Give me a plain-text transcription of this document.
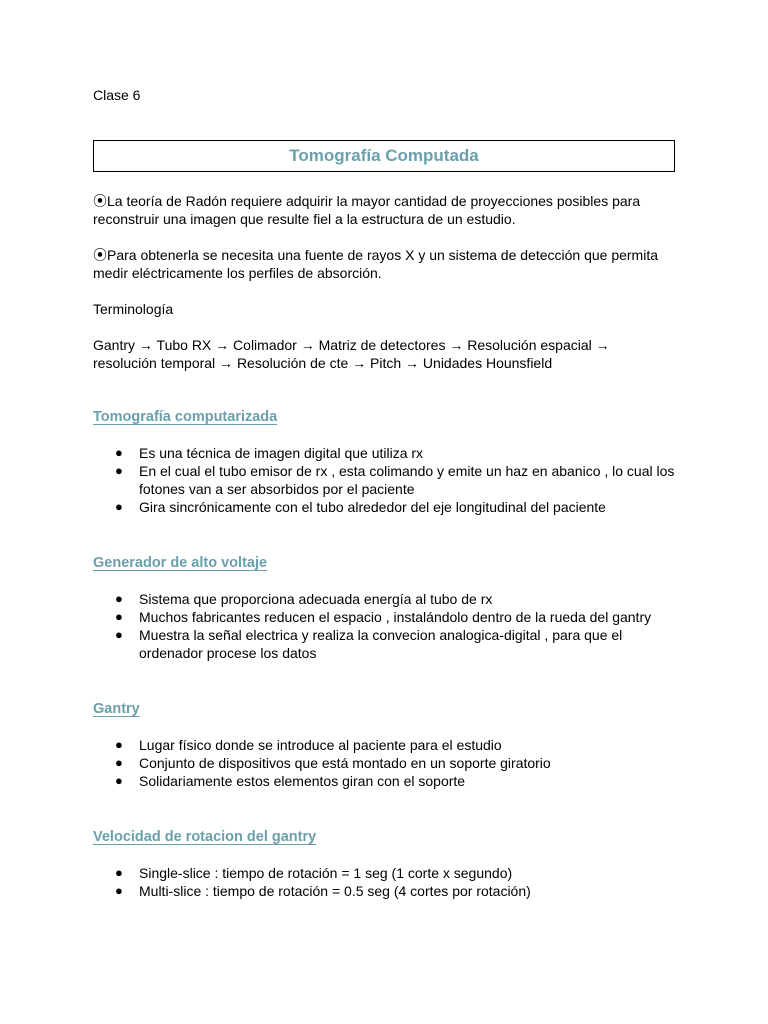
Clase 6

Tomografía Computada

⦿La teoría de Radón requiere adquirir la mayor cantidad de proyecciones posibles para reconstruir una imagen que resulte fiel a la estructura de un estudio.

⦿Para obtenerla se necesita una fuente de rayos X y un sistema de detección que permita medir eléctricamente los perfiles de absorción.

Terminología

Gantry → Tubo RX → Colimador → Matriz de detectores → Resolución espacial → resolución temporal → Resolución de cte → Pitch → Unidades Hounsfield

Tomografía computarizada
● Es una técnica de imagen digital que utiliza rx
● En el cual el tubo emisor de rx , esta colimando y emite un haz en abanico , lo cual los fotones van a ser absorbidos por el paciente
● Gira sincrónicamente con el tubo alrededor del eje longitudinal del paciente
Generador de alto voltaje
● Sistema que proporciona adecuada energía al tubo de rx
● Muchos fabricantes reducen el espacio , instalándolo dentro de la rueda del gantry
● Muestra la señal electrica y realiza la convecion analogica-digital , para que el ordenador procese los datos
Gantry
● Lugar físico donde se introduce al paciente para el estudio
● Conjunto de dispositivos que está montado en un soporte giratorio
● Solidariamente estos elementos giran con el soporte
Velocidad de rotacion del gantry
● Single-slice : tiempo de rotación = 1 seg (1 corte x segundo)
● Multi-slice : tiempo de rotación = 0.5 seg (4 cortes por rotación)
